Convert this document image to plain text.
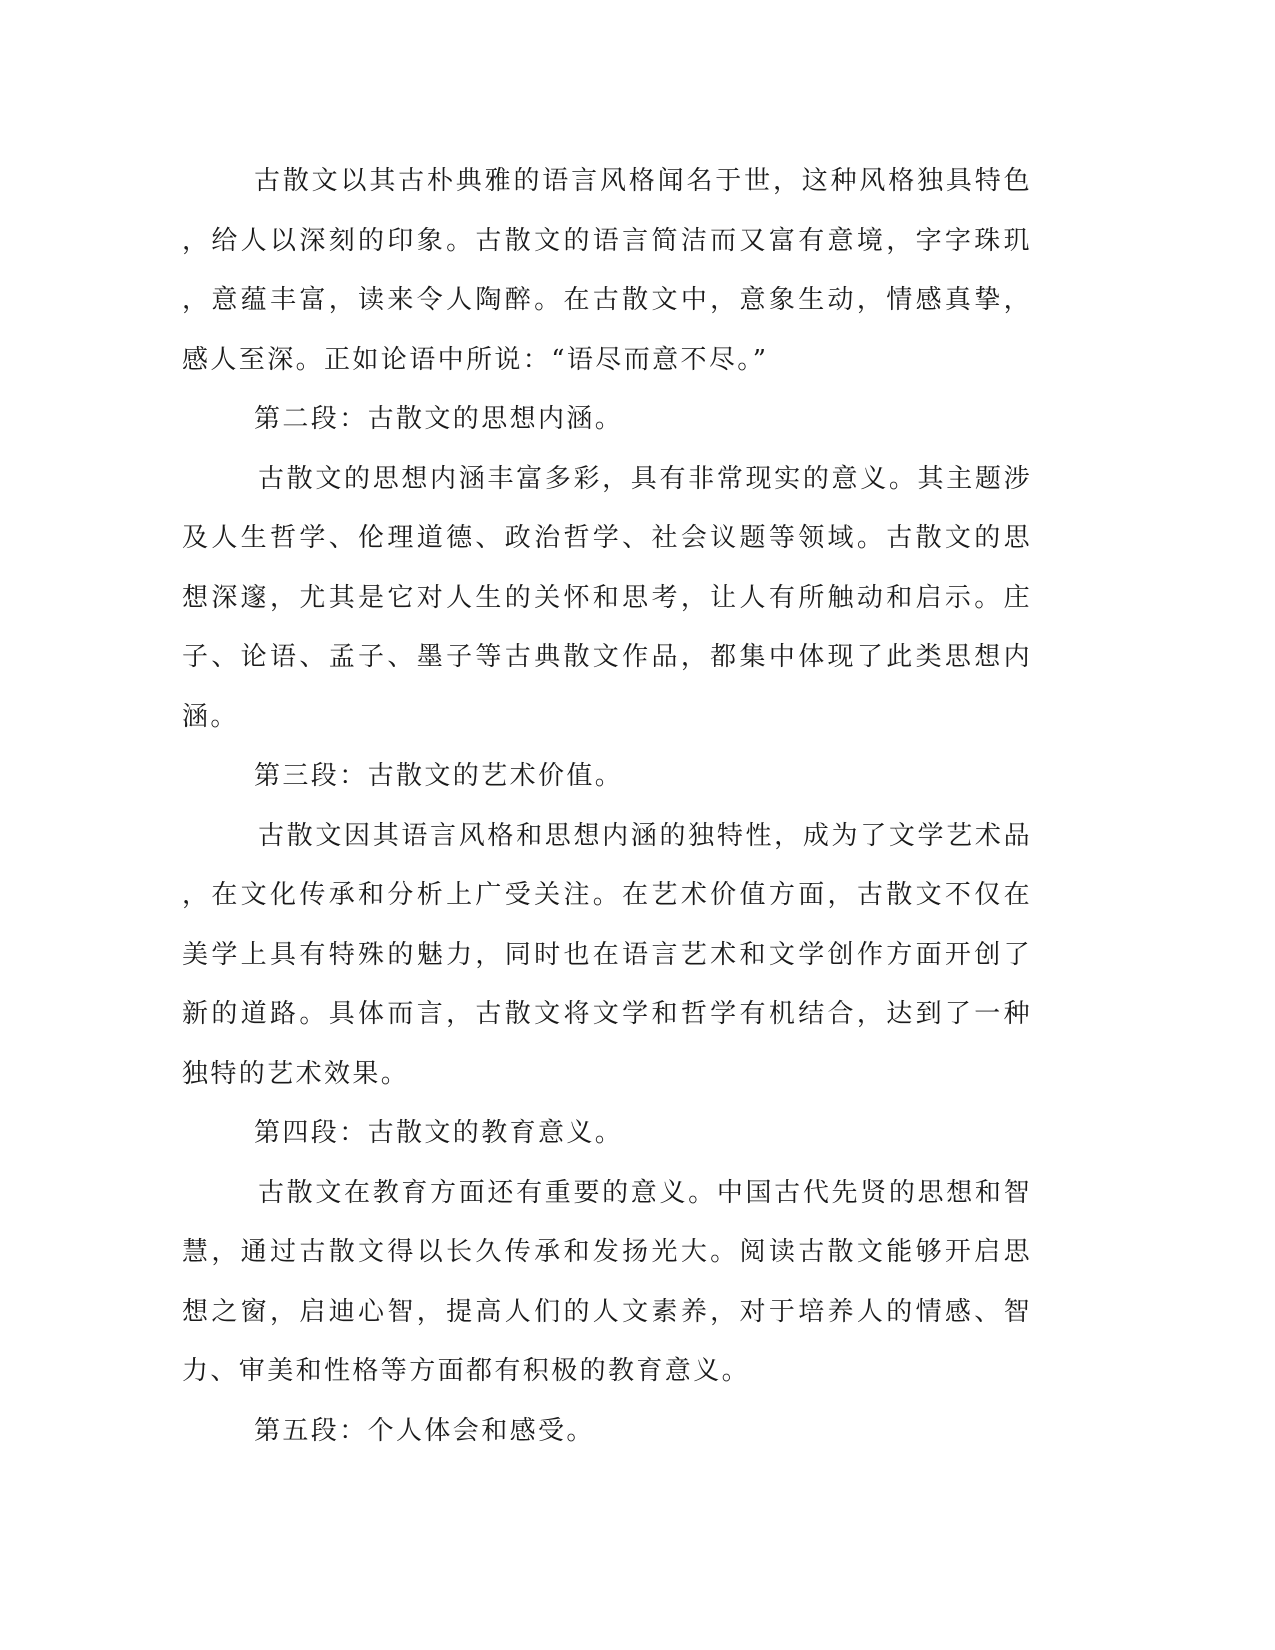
古散文以其古朴典雅的语言风格闻名于世，这种风格独具特色，给人以深刻的印象。古散文的语言简洁而又富有意境，字字珠玑，意蕴丰富，读来令人陶醉。在古散文中，意象生动，情感真挚，感人至深。正如论语中所说：“语尽而意不尽。”

第二段：古散文的思想内涵。

古散文的思想内涵丰富多彩，具有非常现实的意义。其主题涉及人生哲学、伦理道德、政治哲学、社会议题等领域。古散文的思想深邃，尤其是它对人生的关怀和思考，让人有所触动和启示。庄子、论语、孟子、墨子等古典散文作品，都集中体现了此类思想内涵。

第三段：古散文的艺术价值。

古散文因其语言风格和思想内涵的独特性，成为了文学艺术品，在文化传承和分析上广受关注。在艺术价值方面，古散文不仅在美学上具有特殊的魅力，同时也在语言艺术和文学创作方面开创了新的道路。具体而言，古散文将文学和哲学有机结合，达到了一种独特的艺术效果。

第四段：古散文的教育意义。

古散文在教育方面还有重要的意义。中国古代先贤的思想和智慧，通过古散文得以长久传承和发扬光大。阅读古散文能够开启思想之窗，启迪心智，提高人们的人文素养，对于培养人的情感、智力、审美和性格等方面都有积极的教育意义。

第五段：个人体会和感受。
